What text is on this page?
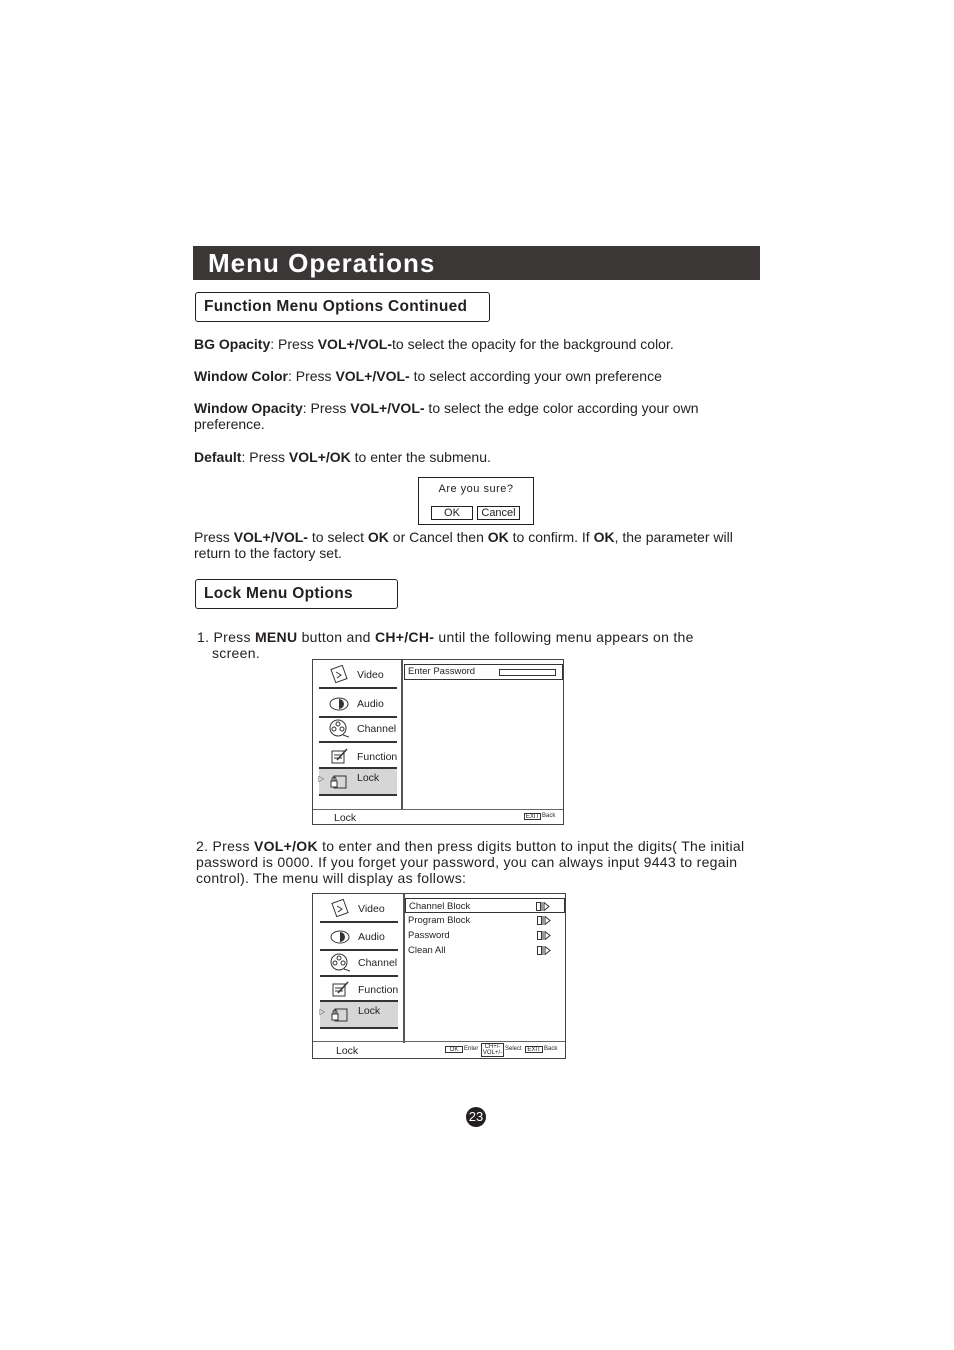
Menu Operations
Function Menu Options Continued
BG Opacity: Press VOL+/VOL-to select the opacity for the background color.
Window Color: Press VOL+/VOL- to select according your own preference
Window Opacity: Press VOL+/VOL- to select the edge color according your own preference.
Default: Press VOL+/OK to enter the submenu.
Are you sure?
OK	Cancel
Press VOL+/VOL- to select OK or Cancel then OK to confirm. If OK, the parameter will return to the factory set.
Lock Menu Options
1. Press MENU button and CH+/CH- until the following menu appears on the
screen.
Video
Audio
Channel
Function
Lock
Enter Password
Lock	EXIT Back
2. Press VOL+/OK to enter and then press digits button to input the digits( The initial password is 0000. If you forget your password, you can always input 9443 to regain control). The menu will display as follows:
Video
Audio
Channel
Function
Lock
Channel Block
Program Block
Password
Clean All
Lock	OK Enter	CH+/-
VOL+/-
Select EXIT Back
23
